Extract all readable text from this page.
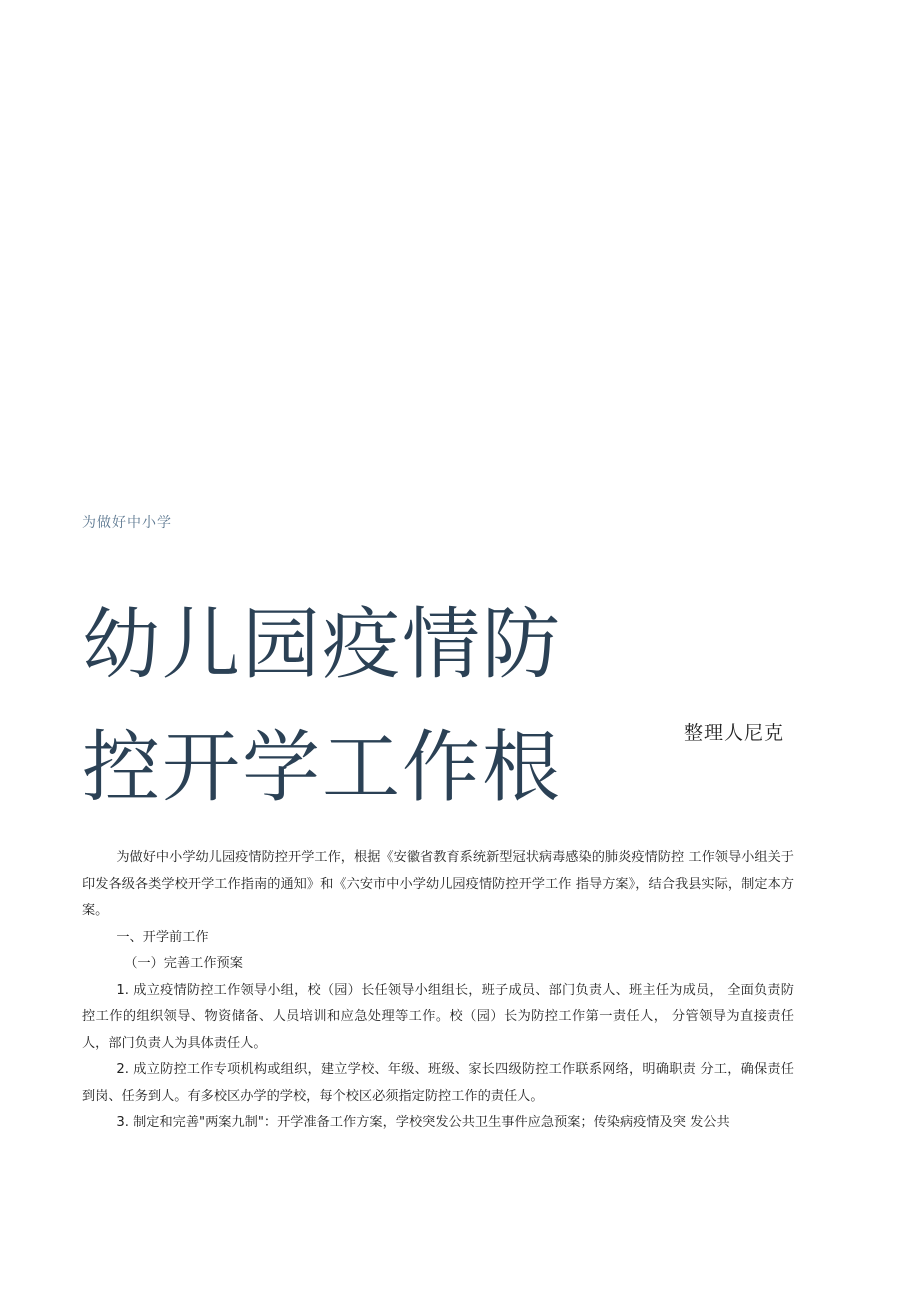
为做好中小学
幼儿园疫情防
控开学工作根	整理人尼克

为做好中小学幼儿园疫情防控开学工作，根据《安徽省教育系统新型冠状病毒感染的肺炎疫情防控 工作领导小组关于印发各级各类学校开学工作指南的通知》和《六安市中小学幼儿园疫情防控开学工作 指导方案》，结合我县实际，制定本方案。

一、开学前工作

（一）完善工作预案

1. 成立疫情防控工作领导小组，校（园）长任领导小组组长，班子成员、部门负责人、班主任为成员， 全面负责防控工作的组织领导、物资储备、人员培训和应急处理等工作。校（园）长为防控工作第一责任人， 分管领导为直接责任人，部门负责人为具体责任人。

2. 成立防控工作专项机构或组织，建立学校、年级、班级、家长四级防控工作联系网络，明确职责 分工，确保责任到岗、任务到人。有多校区办学的学校，每个校区必须指定防控工作的责任人。

3. 制定和完善"两案九制"：开学准备工作方案，学校突发公共卫生事件应急预案；传染病疫情及突 发公共
